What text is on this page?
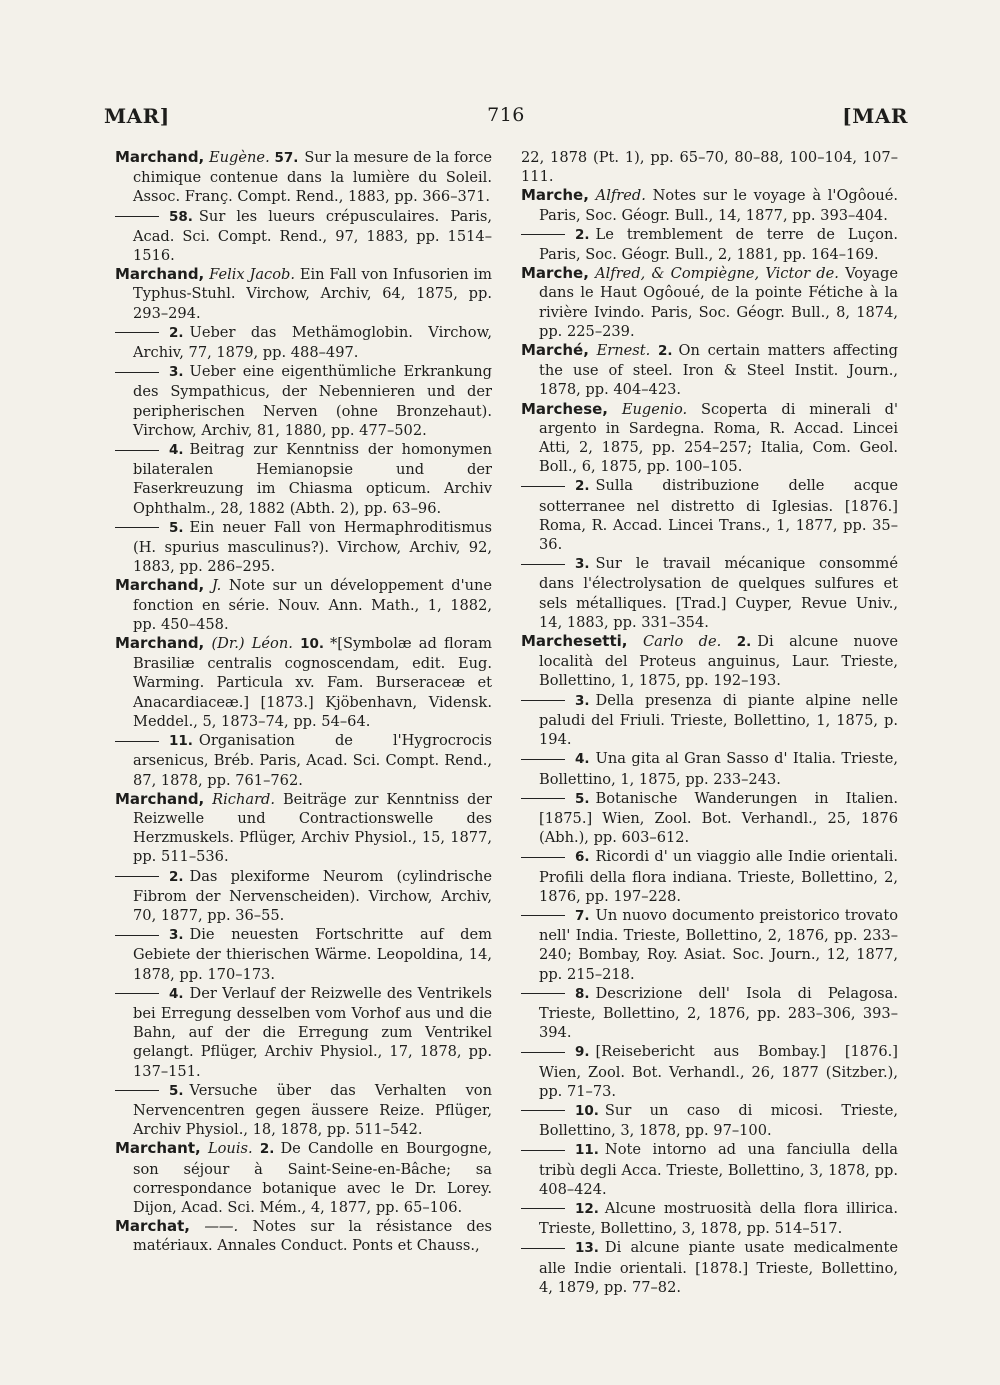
MAR]	716	[MAR

Marchand, Eugène. 57. Sur la mesure de la force chimique contenue dans la lumière du Soleil. Assoc. Franç. Compt. Rend., 1883, pp. 366–371.

58. Sur les lueurs crépusculaires. Paris, Acad. Sci. Compt. Rend., 97, 1883, pp. 1514–1516.

Marchand, Felix Jacob. Ein Fall von Infusorien im Typhus-Stuhl. Virchow, Archiv, 64, 1875, pp. 293–294.

2. Ueber das Methämoglobin. Virchow, Archiv, 77, 1879, pp. 488–497.

3. Ueber eine eigenthümliche Erkrankung des Sympathicus, der Nebennieren und der peripherischen Nerven (ohne Bronzehaut). Virchow, Archiv, 81, 1880, pp. 477–502.

4. Beitrag zur Kenntniss der homonymen bilateralen Hemianopsie und der Faserkreuzung im Chiasma opticum. Archiv Ophthalm., 28, 1882 (Abth. 2), pp. 63–96.

5. Ein neuer Fall von Hermaphroditismus (H. spurius masculinus?). Virchow, Archiv, 92, 1883, pp. 286–295.

Marchand, J. Note sur un développement d'une fonction en série. Nouv. Ann. Math., 1, 1882, pp. 450–458.

Marchand, (Dr.) Léon. 10. *[Symbolæ ad floram Brasiliæ centralis cognoscendam, edit. Eug. Warming. Particula xv. Fam. Burseraceæ et Anacardiaceæ.] [1873.] Kjöbenhavn, Vidensk. Meddel., 5, 1873–74, pp. 54–64.

11. Organisation de l'Hygrocrocis arsenicus, Bréb. Paris, Acad. Sci. Compt. Rend., 87, 1878, pp. 761–762.

Marchand, Richard. Beiträge zur Kenntniss der Reizwelle und Contractionswelle des Herzmuskels. Pflüger, Archiv Physiol., 15, 1877, pp. 511–536.

2. Das plexiforme Neurom (cylindrische Fibrom der Nervenscheiden). Virchow, Archiv, 70, 1877, pp. 36–55.

3. Die neuesten Fortschritte auf dem Gebiete der thierischen Wärme. Leopoldina, 14, 1878, pp. 170–173.

4. Der Verlauf der Reizwelle des Ventrikels bei Erregung desselben vom Vorhof aus und die Bahn, auf der die Erregung zum Ventrikel gelangt. Pflüger, Archiv Physiol., 17, 1878, pp. 137–151.

5. Versuche über das Verhalten von Nervencentren gegen äussere Reize. Pflüger, Archiv Physiol., 18, 1878, pp. 511–542.

Marchant, Louis. 2. De Candolle en Bourgogne, son séjour à Saint-Seine-en-Bâche; sa correspondance botanique avec le Dr. Lorey. Dijon, Acad. Sci. Mém., 4, 1877, pp. 65–106.

Marchat, ——. Notes sur la résistance des matériaux. Annales Conduct. Ponts et Chauss.,

22, 1878 (Pt. 1), pp. 65–70, 80–88, 100–104, 107–111.

Marche, Alfred. Notes sur le voyage à l'Ogôoué. Paris, Soc. Géogr. Bull., 14, 1877, pp. 393–404.

2. Le tremblement de terre de Luçon. Paris, Soc. Géogr. Bull., 2, 1881, pp. 164–169.

Marche, Alfred, & Compiègne, Victor de. Voyage dans le Haut Ogôoué, de la pointe Fétiche à la rivière Ivindo. Paris, Soc. Géogr. Bull., 8, 1874, pp. 225–239.

Marché, Ernest. 2. On certain matters affecting the use of steel. Iron & Steel Instit. Journ., 1878, pp. 404–423.

Marchese, Eugenio. Scoperta di minerali d' argento in Sardegna. Roma, R. Accad. Lincei Atti, 2, 1875, pp. 254–257; Italia, Com. Geol. Boll., 6, 1875, pp. 100–105.

2. Sulla distribuzione delle acque sotterranee nel distretto di Iglesias. [1876.] Roma, R. Accad. Lincei Trans., 1, 1877, pp. 35–36.

3. Sur le travail mécanique consommé dans l'électrolysation de quelques sulfures et sels métalliques. [Trad.] Cuyper, Revue Univ., 14, 1883, pp. 331–354.

Marchesetti, Carlo de. 2. Di alcune nuove località del Proteus anguinus, Laur. Trieste, Bollettino, 1, 1875, pp. 192–193.

3. Della presenza di piante alpine nelle paludi del Friuli. Trieste, Bollettino, 1, 1875, p. 194.

4. Una gita al Gran Sasso d' Italia. Trieste, Bollettino, 1, 1875, pp. 233–243.

5. Botanische Wanderungen in Italien. [1875.] Wien, Zool. Bot. Verhandl., 25, 1876 (Abh.), pp. 603–612.

6. Ricordi d' un viaggio alle Indie orientali. Profili della flora indiana. Trieste, Bollettino, 2, 1876, pp. 197–228.

7. Un nuovo documento preistorico trovato nell' India. Trieste, Bollettino, 2, 1876, pp. 233–240; Bombay, Roy. Asiat. Soc. Journ., 12, 1877, pp. 215–218.

8. Descrizione dell' Isola di Pelagosa. Trieste, Bollettino, 2, 1876, pp. 283–306, 393–394.

9. [Reisebericht aus Bombay.] [1876.] Wien, Zool. Bot. Verhandl., 26, 1877 (Sitzber.), pp. 71–73.

10. Sur un caso di micosi. Trieste, Bollettino, 3, 1878, pp. 97–100.

11. Note intorno ad una fanciulla della tribù degli Acca. Trieste, Bollettino, 3, 1878, pp. 408–424.

12. Alcune mostruosità della flora illirica. Trieste, Bollettino, 3, 1878, pp. 514–517.

13. Di alcune piante usate medicalmente alle Indie orientali. [1878.] Trieste, Bollettino, 4, 1879, pp. 77–82.
